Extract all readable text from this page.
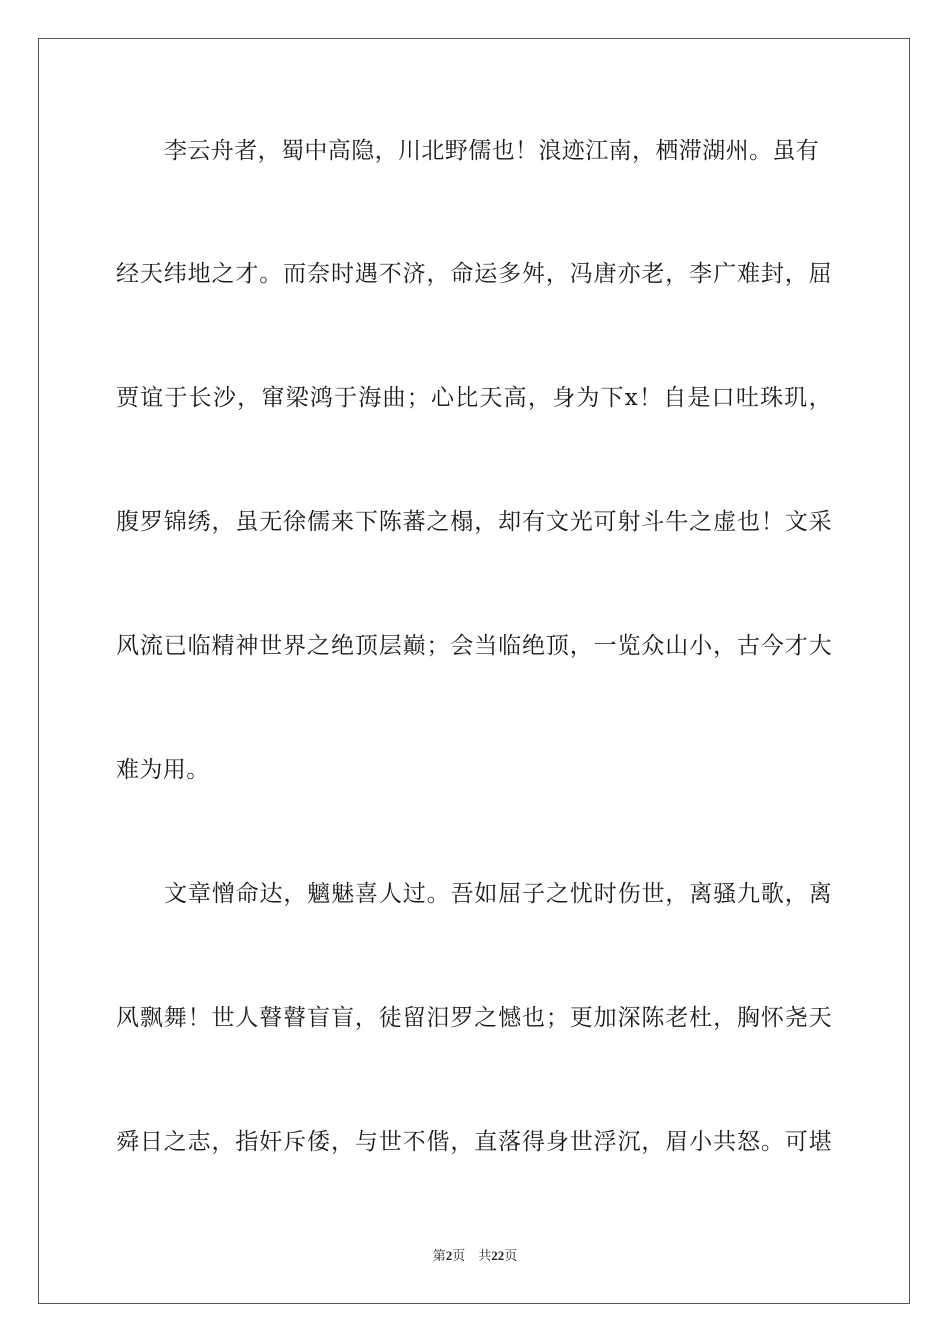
李云舟者，蜀中高隐，川北野儒也！浪迹江南，栖滞湖州。虽有
经天纬地之才。而奈时遇不济，命运多舛，冯唐亦老，李广难封，屈
贾谊于长沙，窜梁鸿于海曲；心比天高，身为下x！自是口吐珠玑，
腹罗锦绣，虽无徐儒来下陈蕃之榻，却有文光可射斗牛之虚也！文采
风流已临精神世界之绝顶层巅；会当临绝顶，一览众山小，古今才大
难为用。
文章憎命达，魑魅喜人过。吾如屈子之忧时伤世，离骚九歌，离
风飘舞！世人瞽瞽盲盲，徒留汨罗之憾也；更加深陈老杜，胸怀尧天
舜日之志，指奸斥倭，与世不偕，直落得身世浮沉，眉小共怒。可堪
第2页 共22页
